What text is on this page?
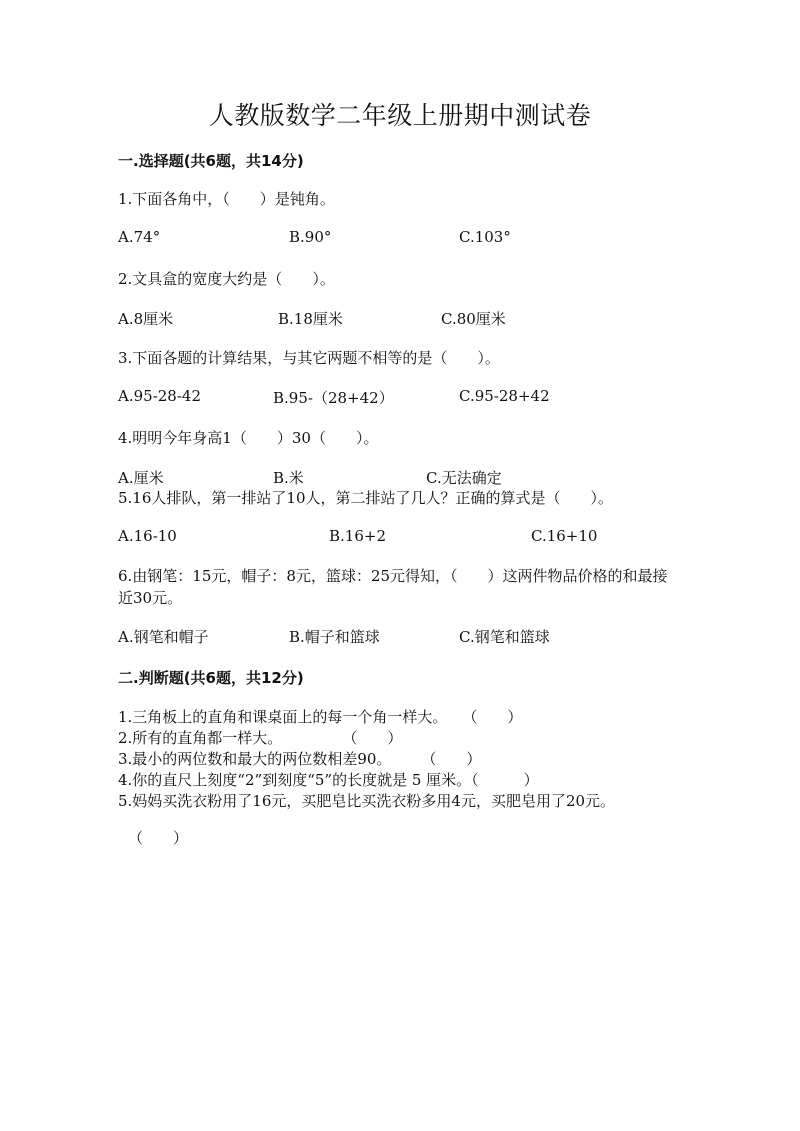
人教版数学二年级上册期中测试卷
一.选择题(共6题，共14分)
1.下面各角中，（　　）是钝角。
A.74°	B.90°	C.103°
2.文具盒的宽度大约是（　　）。
A.8厘米	B.18厘米	C.80厘米
3.下面各题的计算结果，与其它两题不相等的是（　　）。
A.95-28-42	B.95-（28+42）	C.95-28+42
4.明明今年身高1（　　）30（　　）。
A.厘米	B.米	C.无法确定
5.16人排队，第一排站了10人，第二排站了几人？正确的算式是（　　）。
A.16-10	B.16+2	C.16+10
6.由钢笔：15元，帽子：8元，篮球：25元得知，（　　）这两件物品价格的和最接近30元。
A.钢笔和帽子	B.帽子和篮球	C.钢笔和篮球
二.判断题(共6题，共12分)
1.三角板上的直角和课桌面上的每一个角一样大。　　（　　）
2.所有的直角都一样大。　　　　　（　　）
3.最小的两位数和最大的两位数相差90。　　　（　　）
4.你的直尺上刻度“2”到刻度“5”的长度就是 5 厘米。（　　　）
5.妈妈买洗衣粉用了16元，买肥皂比买洗衣粉多用4元，买肥皂用了20元。
（　　）
